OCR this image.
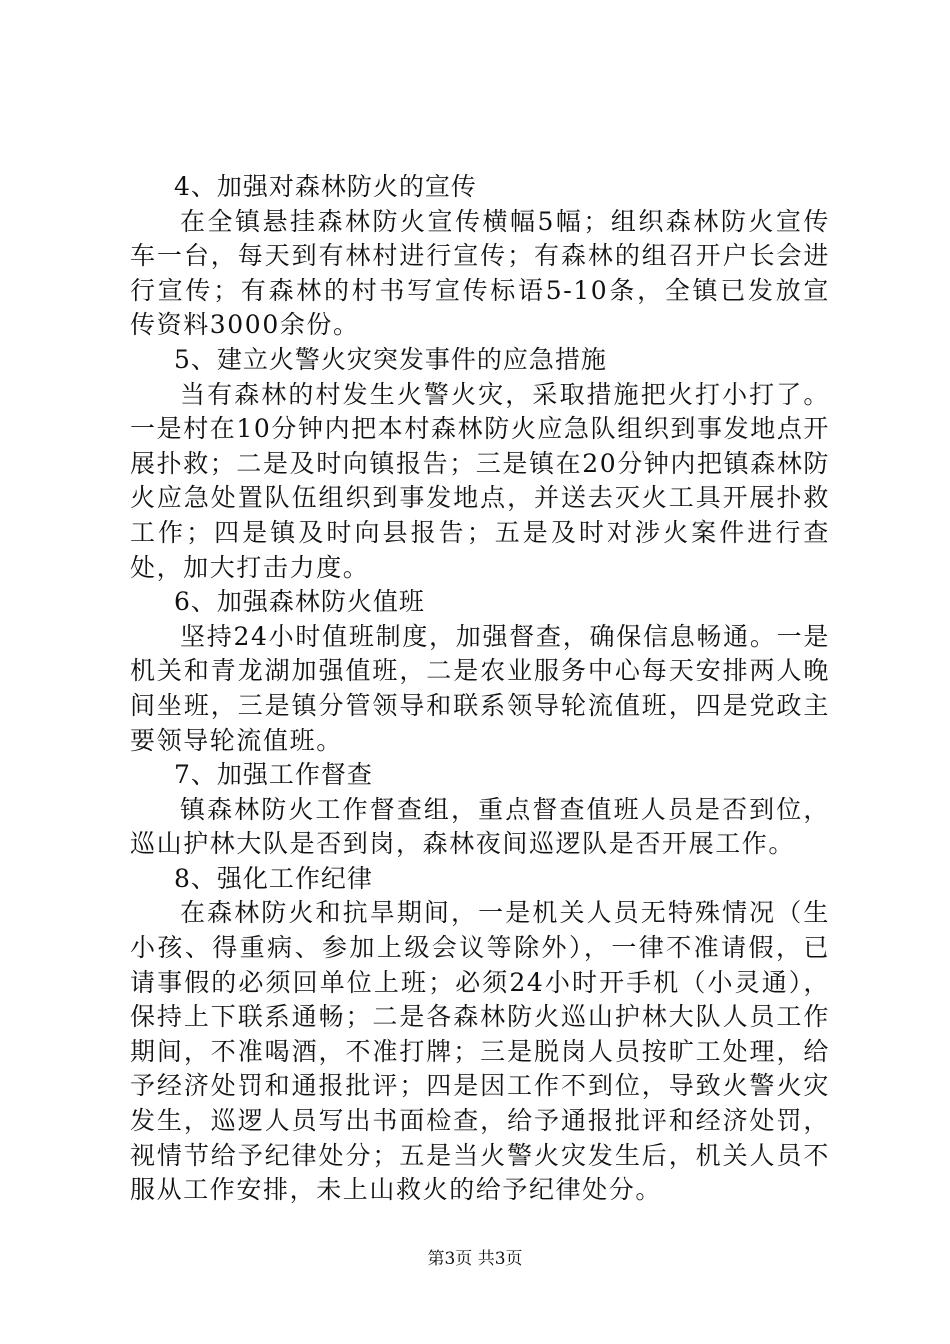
4、加强对森林防火的宣传

在全镇悬挂森林防火宣传横幅5幅；组织森林防火宣传车一台，每天到有林村进行宣传；有森林的组召开户长会进行宣传；有森林的村书写宣传标语5-10条，全镇已发放宣传资料3000余份。

5、建立火警火灾突发事件的应急措施

当有森林的村发生火警火灾，采取措施把火打小打了。一是村在10分钟内把本村森林防火应急队组织到事发地点开展扑救；二是及时向镇报告；三是镇在20分钟内把镇森林防火应急处置队伍组织到事发地点，并送去灭火工具开展扑救工作；四是镇及时向县报告；五是及时对涉火案件进行查处，加大打击力度。

6、加强森林防火值班

坚持24小时值班制度，加强督查，确保信息畅通。一是机关和青龙湖加强值班，二是农业服务中心每天安排两人晚间坐班，三是镇分管领导和联系领导轮流值班，四是党政主要领导轮流值班。

7、加强工作督查

镇森林防火工作督查组，重点督查值班人员是否到位，巡山护林大队是否到岗，森林夜间巡逻队是否开展工作。

8、强化工作纪律

在森林防火和抗旱期间，一是机关人员无特殊情况（生小孩、得重病、参加上级会议等除外），一律不准请假，已请事假的必须回单位上班；必须24小时开手机（小灵通），保持上下联系通畅；二是各森林防火巡山护林大队人员工作期间，不准喝酒，不准打牌；三是脱岗人员按旷工处理，给予经济处罚和通报批评；四是因工作不到位，导致火警火灾发生，巡逻人员写出书面检查，给予通报批评和经济处罚，视情节给予纪律处分；五是当火警火灾发生后，机关人员不服从工作安排，未上山救火的给予纪律处分。

第3页 共3页
